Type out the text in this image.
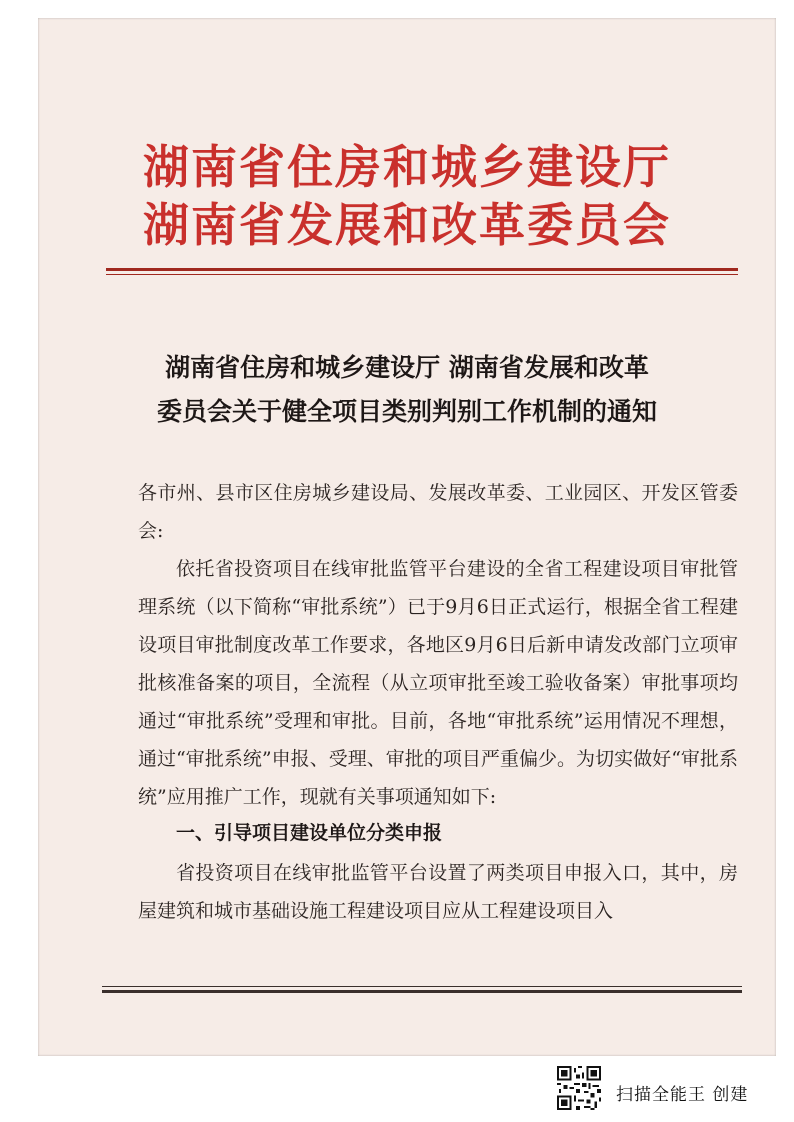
湖南省住房和城乡建设厅
湖南省发展和改革委员会
湖南省住房和城乡建设厅 湖南省发展和改革
委员会关于健全项目类别判别工作机制的通知
各市州、县市区住房城乡建设局、发展改革委、工业园区、开发区管委会:
依托省投资项目在线审批监管平台建设的全省工程建设项目审批管理系统（以下简称“审批系统”）已于9月6日正式运行，根据全省工程建设项目审批制度改革工作要求，各地区9月6日后新申请发改部门立项审批核准备案的项目，全流程（从立项审批至竣工验收备案）审批事项均通过“审批系统”受理和审批。目前，各地“审批系统”运用情况不理想，通过“审批系统”申报、受理、审批的项目严重偏少。为切实做好“审批系统”应用推广工作，现就有关事项通知如下:
一、引导项目建设单位分类申报
省投资项目在线审批监管平台设置了两类项目申报入口，其中，房屋建筑和城市基础设施工程建设项目应从工程建设项目入
扫描全能王 创建
